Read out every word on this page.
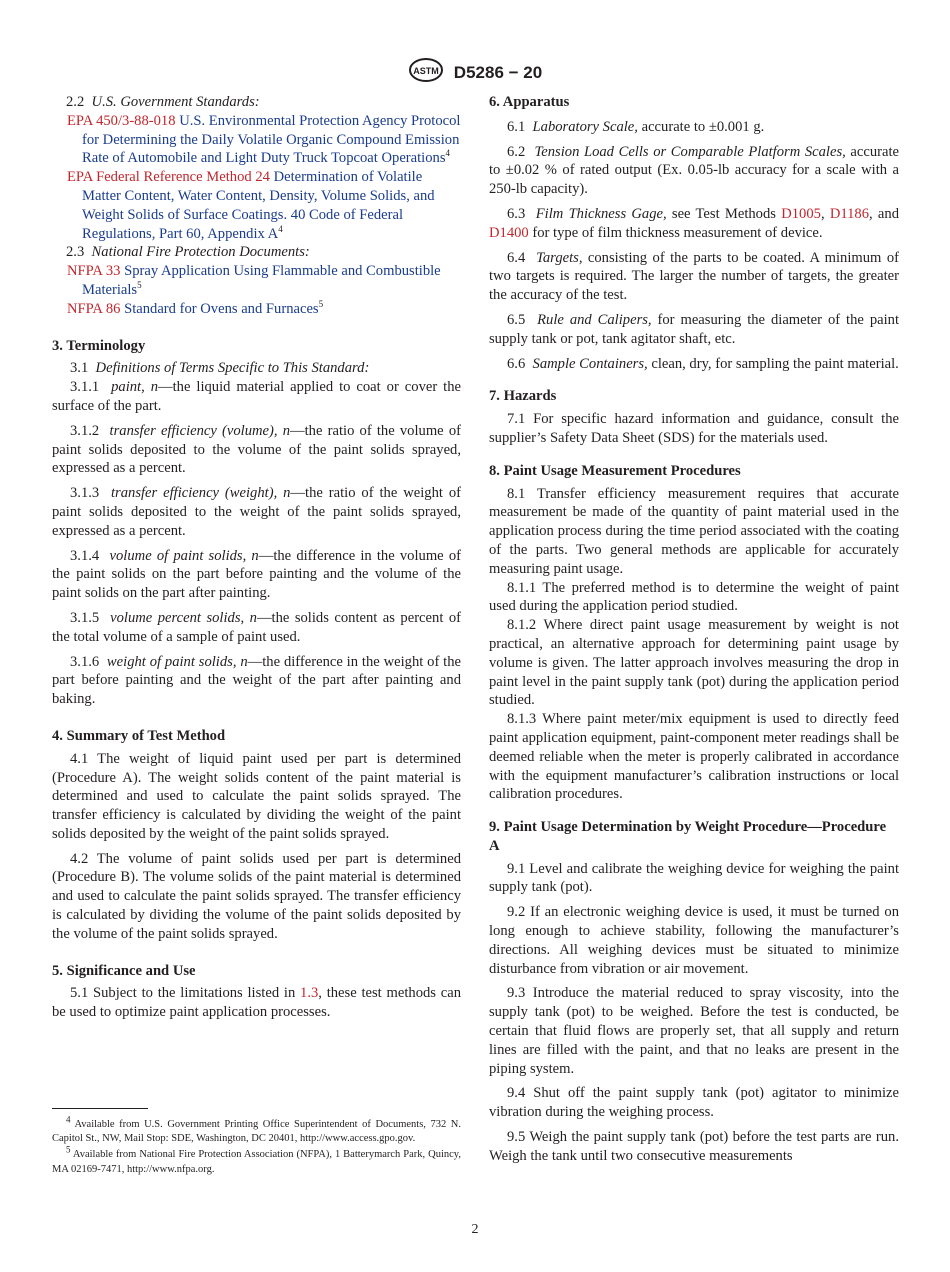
ASTM D5286 − 20

2.2 U.S. Government Standards:

EPA 450/3-88-018 U.S. Environmental Protection Agency Protocol for Determining the Daily Volatile Organic Compound Emission Rate of Automobile and Light Duty Truck Topcoat Operations$^4$

EPA Federal Reference Method 24 Determination of Volatile Matter Content, Water Content, Density, Volume Solids, and Weight Solids of Surface Coatings. 40 Code of Federal Regulations, Part 60, Appendix $A^4$

2.3 National Fire Protection Documents:

NFPA 33 Spray Application Using Flammable and Combustible Materials$^5$

NFPA 86 Standard for Ovens and Furnaces$^5$

3. Terminology

3.1 Definitions of Terms Specific to This Standard:

3.1.1 paint, n—the liquid material applied to coat or cover the surface of the part.

3.1.2 transfer efficiency (volume), n—the ratio of the volume of paint solids deposited to the volume of the paint solids sprayed, expressed as a percent.

3.1.3 transfer efficiency (weight), n—the ratio of the weight of paint solids deposited to the weight of the paint solids sprayed, expressed as a percent.

3.1.4 volume of paint solids, n—the difference in the volume of the paint solids on the part before painting and the volume of the paint solids on the part after painting.

3.1.5 volume percent solids, n—the solids content as percent of the total volume of a sample of paint used.

3.1.6 weight of paint solids, n—the difference in the weight of the part before painting and the weight of the part after painting and baking.

4. Summary of Test Method

4.1 The weight of liquid paint used per part is determined (Procedure A). The weight solids content of the paint material is determined and used to calculate the paint solids sprayed. The transfer efficiency is calculated by dividing the weight of the paint solids deposited by the weight of the paint solids sprayed.

4.2 The volume of paint solids used per part is determined (Procedure B). The volume solids of the paint material is determined and used to calculate the paint solids sprayed. The transfer efficiency is calculated by dividing the volume of the paint solids deposited by the volume of the paint solids sprayed.

5. Significance and Use

5.1 Subject to the limitations listed in 1.3, these test methods can be used to optimize paint application processes.

6. Apparatus

6.1 Laboratory Scale, accurate to ±0.001 g.

6.2 Tension Load Cells or Comparable Platform Scales, accurate to ±0.02 % of rated output (Ex. 0.05-lb accuracy for a scale with a 250-lb capacity).

6.3 Film Thickness Gage, see Test Methods D1005, D1186, and D1400 for type of film thickness measurement of device.

6.4 Targets, consisting of the parts to be coated. A minimum of two targets is required. The larger the number of targets, the greater the accuracy of the test.

6.5 Rule and Calipers, for measuring the diameter of the paint supply tank or pot, tank agitator shaft, etc.

6.6 Sample Containers, clean, dry, for sampling the paint material.

7. Hazards

7.1 For specific hazard information and guidance, consult the supplier’s Safety Data Sheet (SDS) for the materials used.

8. Paint Usage Measurement Procedures

8.1 Transfer efficiency measurement requires that accurate measurement be made of the quantity of paint material used in the application process during the time period associated with the coating of the parts. Two general methods are applicable for accurately measuring paint usage.

8.1.1 The preferred method is to determine the weight of paint used during the application period studied.

8.1.2 Where direct paint usage measurement by weight is not practical, an alternative approach for determining paint usage by volume is given. The latter approach involves measuring the drop in paint level in the paint supply tank (pot) during the application period studied.

8.1.3 Where paint meter/mix equipment is used to directly feed paint application equipment, paint-component meter readings shall be deemed reliable when the meter is properly calibrated in accordance with the equipment manufacturer’s calibration instructions or local calibration procedures.

9. Paint Usage Determination by Weight Procedure—Procedure A

9.1 Level and calibrate the weighing device for weighing the paint supply tank (pot).

9.2 If an electronic weighing device is used, it must be turned on long enough to achieve stability, following the manufacturer’s directions. All weighing devices must be situated to minimize disturbance from vibration or air movement.

9.3 Introduce the material reduced to spray viscosity, into the supply tank (pot) to be weighed. Before the test is conducted, be certain that fluid flows are properly set, that all supply and return lines are filled with the paint, and that no leaks are present in the piping system.

9.4 Shut off the paint supply tank (pot) agitator to minimize vibration during the weighing process.

9.5 Weigh the paint supply tank (pot) before the test parts are run. Weigh the tank until two consecutive measurements

$^4$ Available from U.S. Government Printing Office Superintendent of Documents, 732 N. Capitol St., NW, Mail Stop: SDE, Washington, DC 20401, http://www.access.gpo.gov.

$^5$ Available from National Fire Protection Association (NFPA), 1 Batterymarch Park, Quincy, MA 02169-7471, http://www.nfpa.org.

2
